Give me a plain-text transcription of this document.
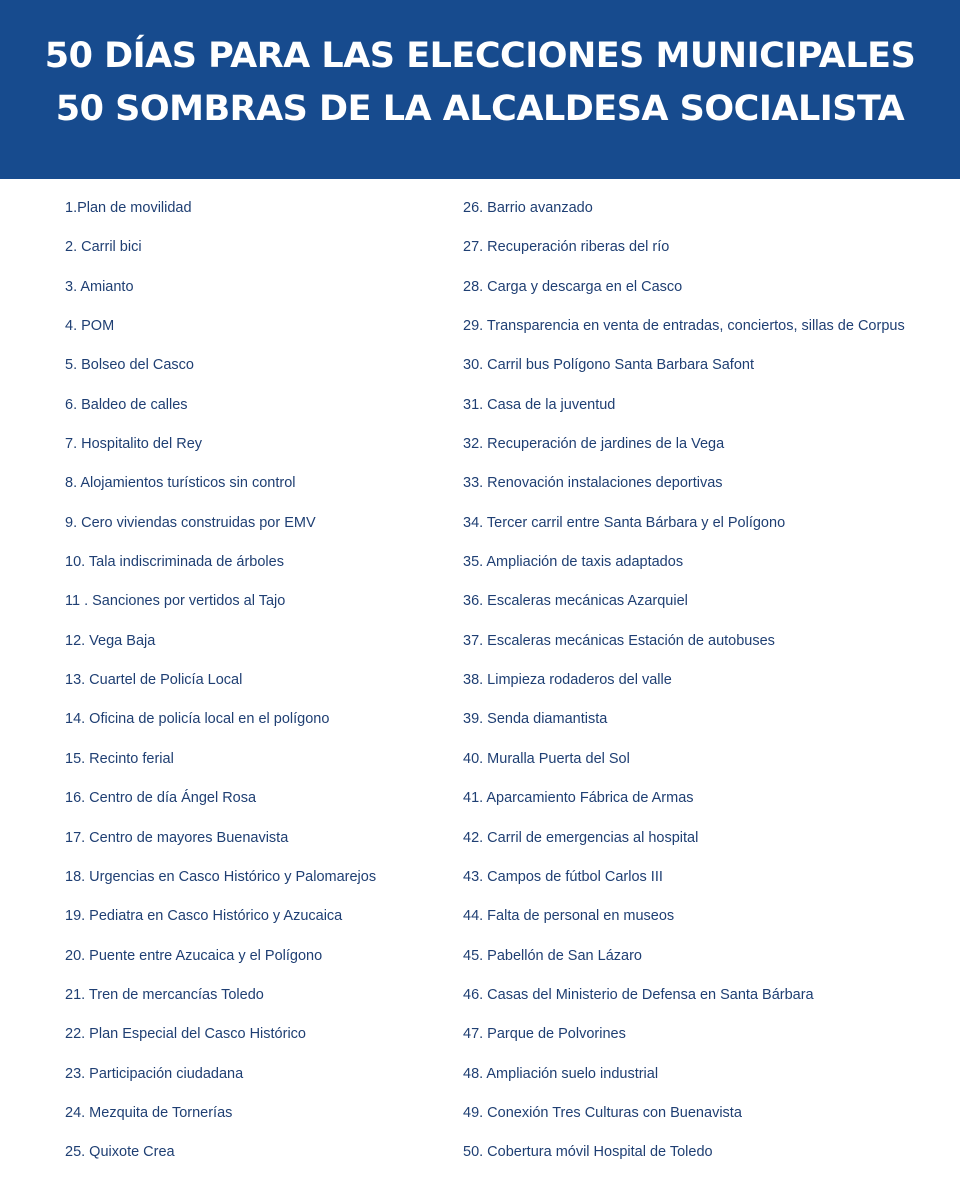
50 DÍAS PARA LAS ELECCIONES MUNICIPALES
50 SOMBRAS DE LA ALCALDESA SOCIALISTA
1.Plan de movilidad
2. Carril bici
3. Amianto
4. POM
5. Bolseo del Casco
6. Baldeo de calles
7. Hospitalito del Rey
8. Alojamientos turísticos sin control
9. Cero viviendas construidas por EMV
10. Tala indiscriminada de árboles
11 . Sanciones por vertidos al Tajo
12. Vega Baja
13. Cuartel de Policía Local
14. Oficina de policía local en el polígono
15. Recinto ferial
16. Centro de día Ángel Rosa
17. Centro de mayores Buenavista
18. Urgencias en Casco Histórico y Palomarejos
19. Pediatra en Casco Histórico y Azucaica
20. Puente entre Azucaica y el Polígono
21. Tren de mercancías Toledo
22. Plan Especial del Casco Histórico
23. Participación ciudadana
24. Mezquita de Tornerías
25. Quixote Crea
26. Barrio avanzado
27. Recuperación riberas del río
28. Carga y descarga en el Casco
29. Transparencia en venta de entradas, conciertos, sillas de Corpus
30. Carril bus Polígono Santa Barbara Safont
31. Casa de la juventud
32. Recuperación de jardines de la Vega
33. Renovación instalaciones deportivas
34. Tercer carril entre Santa Bárbara y el Polígono
35. Ampliación de taxis adaptados
36. Escaleras mecánicas Azarquiel
37. Escaleras mecánicas Estación de autobuses
38. Limpieza rodaderos del valle
39. Senda diamantista
40. Muralla Puerta del Sol
41. Aparcamiento Fábrica de Armas
42. Carril de emergencias al hospital
43. Campos de fútbol Carlos III
44. Falta de personal en museos
45. Pabellón de San Lázaro
46. Casas del Ministerio de Defensa en Santa Bárbara
47. Parque de Polvorines
48. Ampliación suelo industrial
49. Conexión Tres Culturas con Buenavista
50. Cobertura móvil Hospital de Toledo
